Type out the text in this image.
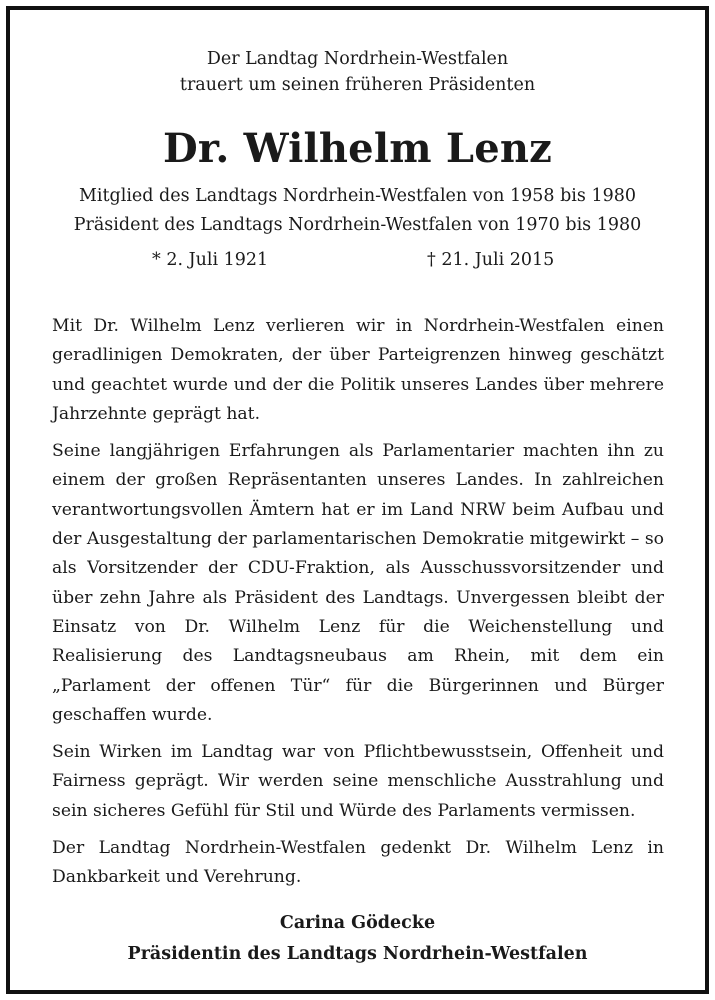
Der Landtag Nordrhein-Westfalen
trauert um seinen früheren Präsidenten
Dr. Wilhelm Lenz
Mitglied des Landtags Nordrhein-Westfalen von 1958 bis 1980
Präsident des Landtags Nordrhein-Westfalen von 1970 bis 1980
* 2. Juli 1921	† 21. Juli 2015

Mit Dr. Wilhelm Lenz verlieren wir in Nordrhein-Westfalen einen geradlinigen Demokraten, der über Parteigrenzen hinweg geschätzt und geachtet wurde und der die Politik unseres Landes über mehrere Jahrzehnte geprägt hat.

Seine langjährigen Erfahrungen als Parlamentarier machten ihn zu einem der großen Repräsentanten unseres Landes. In zahlreichen verantwortungsvollen Ämtern hat er im Land NRW beim Aufbau und der Ausgestaltung der parlamentarischen Demokratie mitgewirkt – so als Vorsitzender der CDU-Fraktion, als Ausschussvorsitzender und über zehn Jahre als Präsident des Landtags. Unvergessen bleibt der Einsatz von Dr. Wilhelm Lenz für die Weichenstellung und Realisierung des Landtagsneubaus am Rhein, mit dem ein „Parlament der offenen Tür“ für die Bürgerinnen und Bürger geschaffen wurde.

Sein Wirken im Landtag war von Pflichtbewusstsein, Offenheit und Fairness geprägt. Wir werden seine menschliche Ausstrahlung und sein sicheres Gefühl für Stil und Würde des Parlaments vermissen.

Der Landtag Nordrhein-Westfalen gedenkt Dr. Wilhelm Lenz in Dankbarkeit und Verehrung.

Carina Gödecke
Präsidentin des Landtags Nordrhein-Westfalen
